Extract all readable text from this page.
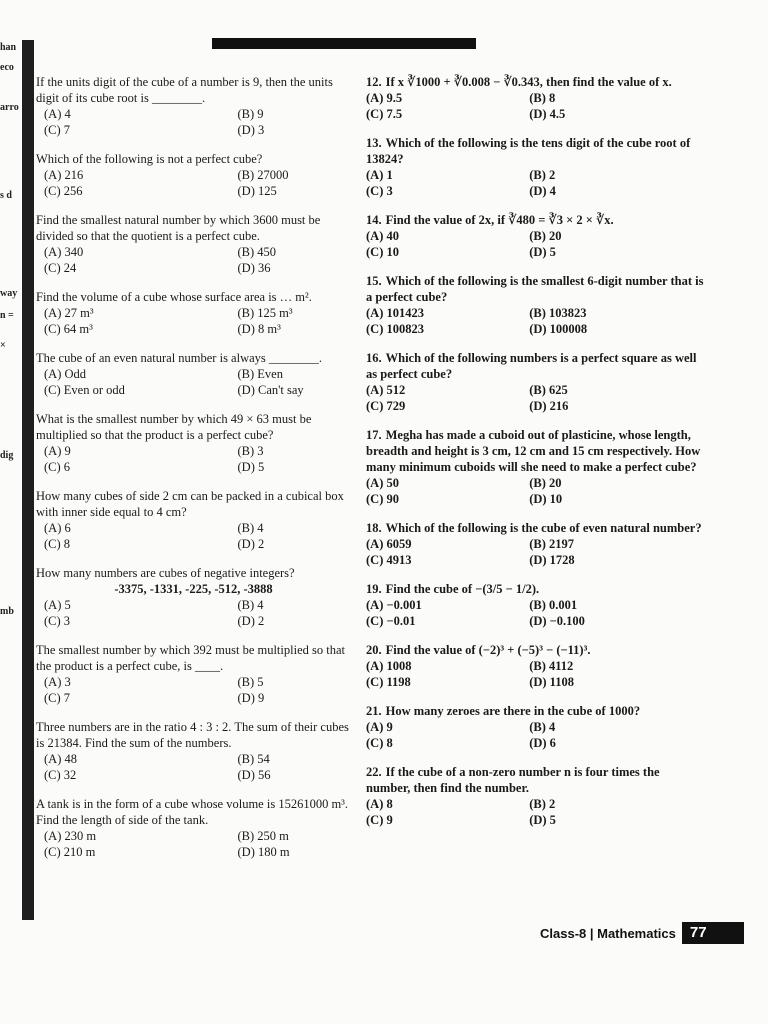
han
eco
arro
s d
way
n =
×
dig
mb
If the units digit of the cube of a number is 9, then the units digit of its cube root is ________.
(A) 4	(B) 9
(C) 7	(D) 3
Which of the following is not a perfect cube?
(A) 216	(B) 27000
(C) 256	(D) 125
Find the smallest natural number by which 3600 must be divided so that the quotient is a perfect cube.
(A) 340	(B) 450
(C) 24	(D) 36
Find the volume of a cube whose surface area is … m².
(A) 27 m³	(B) 125 m³
(C) 64 m³	(D) 8 m³
The cube of an even natural number is always ________.
(A) Odd	(B) Even
(C) Even or odd	(D) Can't say
What is the smallest number by which 49 × 63 must be multiplied so that the product is a perfect cube?
(A) 9	(B) 3
(C) 6	(D) 5
How many cubes of side 2 cm can be packed in a cubical box with inner side equal to 4 cm?
(A) 6	(B) 4
(C) 8	(D) 2
How many numbers are cubes of negative integers?
-3375, -1331, -225, -512, -3888
(A) 5	(B) 4
(C) 3	(D) 2
The smallest number by which 392 must be multiplied so that the product is a perfect cube, is ____.
(A) 3	(B) 5
(C) 7	(D) 9
Three numbers are in the ratio 4 : 3 : 2. The sum of their cubes is 21384. Find the sum of the numbers.
(A) 48	(B) 54
(C) 32	(D) 56
A tank is in the form of a cube whose volume is 15261000 m³. Find the length of side of the tank.
(A) 230 m	(B) 250 m
(C) 210 m	(D) 180 m
12. If x ∛1000 + ∛0.008 − ∛0.343, then find the value of x.
(A) 9.5	(B) 8
(C) 7.5	(D) 4.5
13. Which of the following is the tens digit of the cube root of 13824?
(A) 1	(B) 2
(C) 3	(D) 4
14. Find the value of 2x, if ∛480 = ∛3 × 2 × ∛x.
(A) 40	(B) 20
(C) 10	(D) 5
15. Which of the following is the smallest 6-digit number that is a perfect cube?
(A) 101423	(B) 103823
(C) 100823	(D) 100008
16. Which of the following numbers is a perfect square as well as perfect cube?
(A) 512	(B) 625
(C) 729	(D) 216
17. Megha has made a cuboid out of plasticine, whose length, breadth and height is 3 cm, 12 cm and 15 cm respectively. How many minimum cuboids will she need to make a perfect cube?
(A) 50	(B) 20
(C) 90	(D) 10
18. Which of the following is the cube of even natural number?
(A) 6059	(B) 2197
(C) 4913	(D) 1728
19. Find the cube of −(3/5 − 1/2).
(A) −0.001	(B) 0.001
(C) −0.01	(D) −0.100
20. Find the value of (−2)³ + (−5)³ − (−11)³.
(A) 1008	(B) 4112
(C) 1198	(D) 1108
21. How many zeroes are there in the cube of 1000?
(A) 9	(B) 4
(C) 8	(D) 6
22. If the cube of a non-zero number n is four times the number, then find the number.
(A) 8	(B) 2
(C) 9	(D) 5
Class-8 | Mathematics 77
